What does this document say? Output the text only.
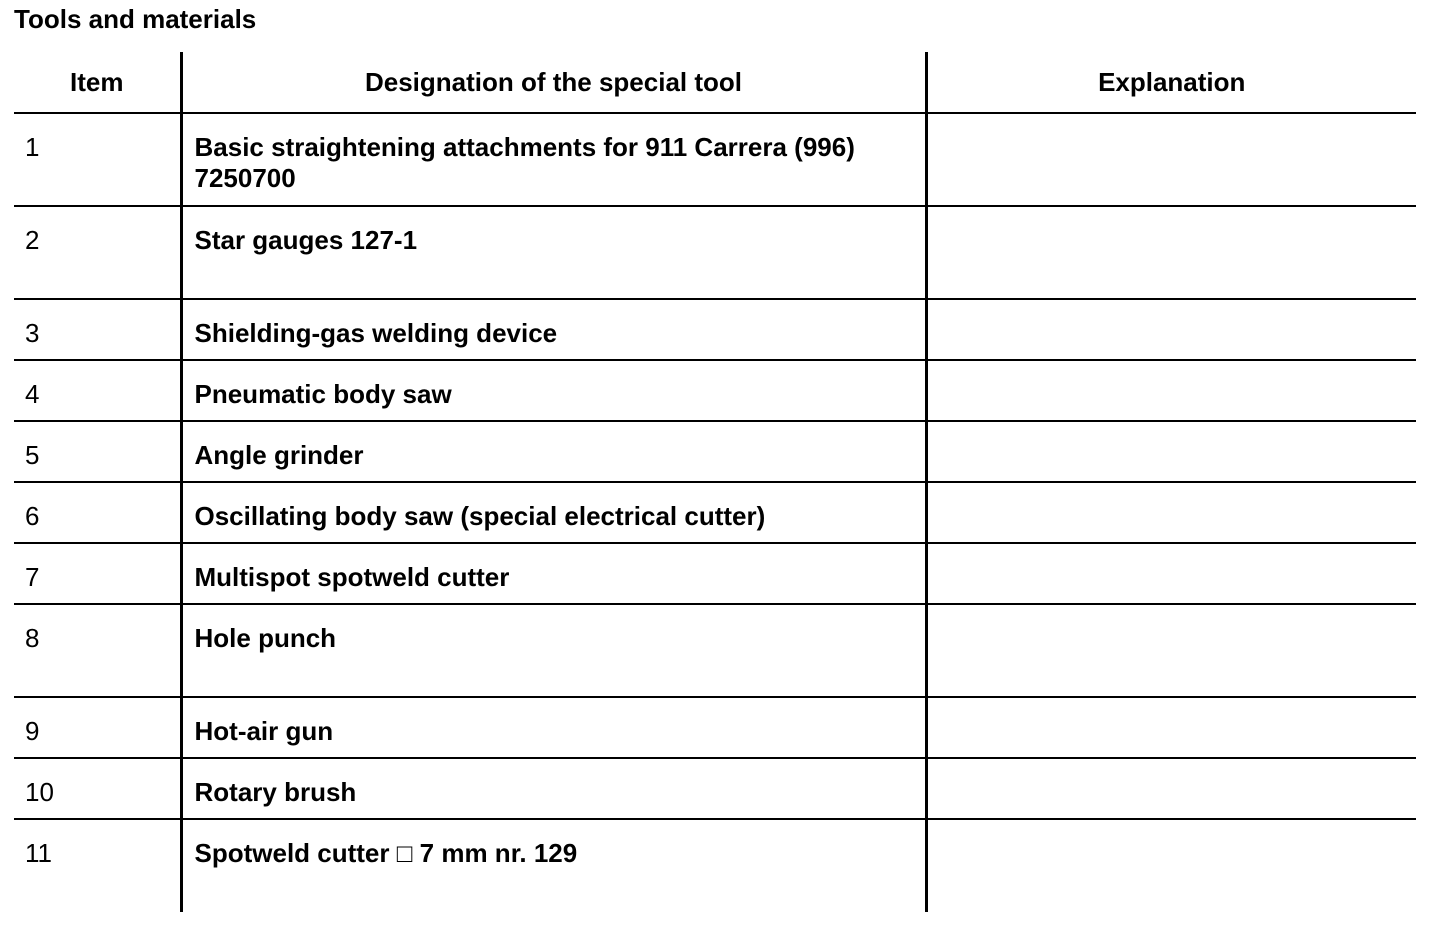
Tools and materials
Item	Designation of the special tool	Explanation
1	Basic straightening attachments for 911 Carrera (996)
7250700	
2	Star gauges 127-1	
3	Shielding-gas welding device	
4	Pneumatic body saw	
5	Angle grinder	
6	Oscillating body saw (special electrical cutter)	
7	Multispot spotweld cutter	
8	Hole punch	
9	Hot-air gun	
10	Rotary brush	
11	Spotweld cutter □ 7 mm nr. 129	
